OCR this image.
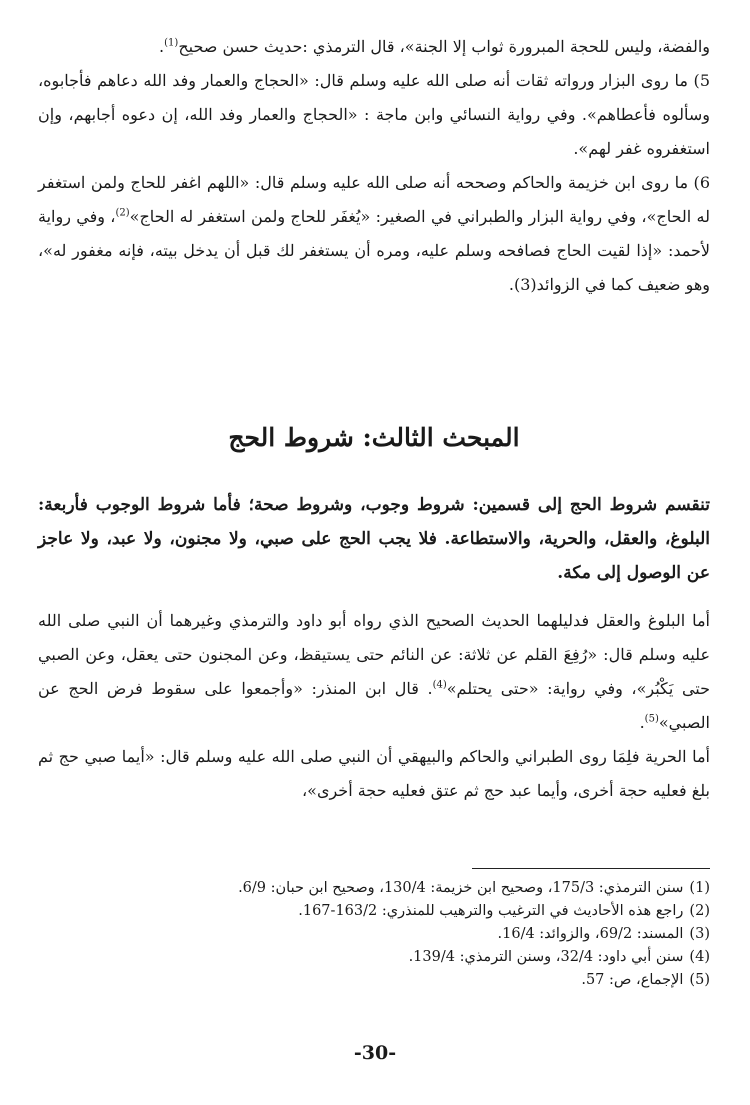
والفضة، وليس للحجة المبرورة ثواب إلا الجنة»، قال الترمذي :حديث حسن صحيح$^{(1)}$.

5) ما روى البزار ورواته ثقات أنه صلى الله عليه وسلم قال: «الحجاج والعمار وفد الله دعاهم فأجابوه، وسألوه فأعطاهم». وفي رواية النسائي وابن ماجة : «الحجاج والعمار وفد الله، إن دعوه أجابهم، وإن استغفروه غفر لهم».

6) ما روى ابن خزيمة والحاكم وصححه أنه صلى الله عليه وسلم قال: «اللهم اغفر للحاج ولمن استغفر له الحاج»، وفي رواية البزار والطبراني في الصغير: «يُغفَر للحاج ولمن استغفر له الحاج»$^{(2)}$، وفي رواية لأحمد: «إذا لقيت الحاج فصافحه وسلم عليه، ومره أن يستغفر لك قبل أن يدخل بيته، فإنه مغفور له»، وهو ضعيف كما في الزوائد(3).

المبحث الثالث: شروط الحج

تنقسم شروط الحج إلى قسمين: شروط وجوب، وشروط صحة؛ فأما شروط الوجوب فأربعة: البلوغ، والعقل، والحرية، والاستطاعة. فلا يجب الحج على صبي، ولا مجنون، ولا عبد، ولا عاجز عن الوصول إلى مكة.

أما البلوغ والعقل فدليلهما الحديث الصحيح الذي رواه أبو داود والترمذي وغيرهما أن النبي صلى الله عليه وسلم قال: «رُفِعَ القلم عن ثلاثة: عن النائم حتى يستيقظ، وعن المجنون حتى يعقل، وعن الصبي حتى يَكْبُر»، وفي رواية: «حتى يحتلم»$^{(4)}$. قال ابن المنذر: «وأجمعوا على سقوط فرض الحج عن الصبي»$^{(5)}$.

أما الحرية فلِمَا روى الطبراني والحاكم والبيهقي أن النبي صلى الله عليه وسلم قال: «أيما صبي حج ثم بلغ فعليه حجة أخرى، وأيما عبد حج ثم عتق فعليه حجة أخرى»،

(1)سنن الترمذي: 175/3، وصحيح ابن خزيمة: 130/4، وصحيح ابن حبان: 6/9.
(2)راجع هذه الأحاديث في الترغيب والترهيب للمنذري: 163/2-167.
(3)المسند: 69/2، والزوائد: 16/4.
(4)سنن أبي داود: 32/4، وسنن الترمذي: 139/4.
(5)الإجماع، ص: 57.
-30-
